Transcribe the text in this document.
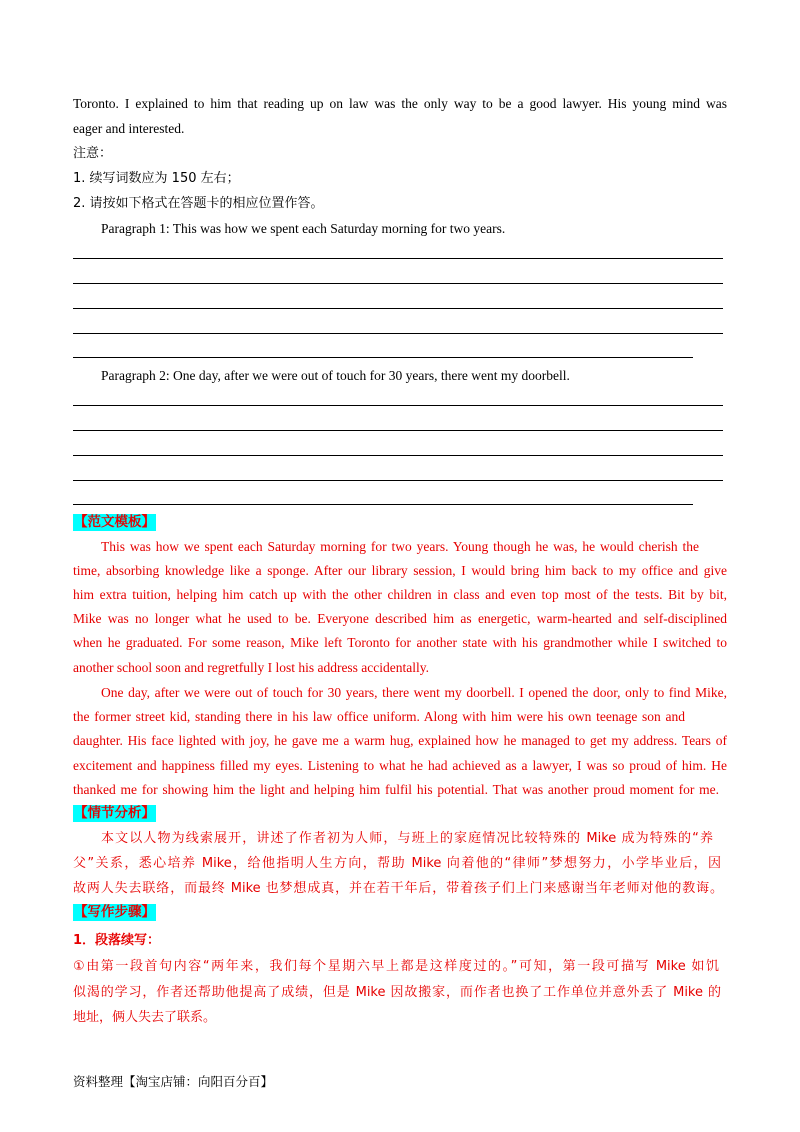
Toronto. I explained to him that reading up on law was the only way to be a good lawyer. His young mind was
eager and interested.
注意：
1. 续写词数应为 150 左右；
2. 请按如下格式在答题卡的相应位置作答。
Paragraph 1: This was how we spent each Saturday morning for two years.
Paragraph 2: One day, after we were out of touch for 30 years, there went my doorbell.
【范文模板】
This was how we spent each Saturday morning for two years. Young though he was, he would cherish the
time, absorbing knowledge like a sponge. After our library session, I would bring him back to my office and give
him extra tuition, helping him catch up with the other children in class and even top most of the tests. Bit by bit,
Mike was no longer what he used to be. Everyone described him as energetic, warm-hearted and self-disciplined
when he graduated. For some reason, Mike left Toronto for another state with his grandmother while I switched to
another school soon and regretfully I lost his address accidentally.
One day, after we were out of touch for 30 years, there went my doorbell. I opened the door, only to find Mike,
the former street kid, standing there in his law office uniform. Along with him were his own teenage son and
daughter. His face lighted with joy, he gave me a warm hug, explained how he managed to get my address. Tears of
excitement and happiness filled my eyes. Listening to what he had achieved as a lawyer, I was so proud of him. He
thanked me for showing him the light and helping him fulfil his potential. That was another proud moment for me.
【情节分析】
本文以人物为线索展开，讲述了作者初为人师，与班上的家庭情况比较特殊的 Mike 成为特殊的“养
父”关系，悉心培养 Mike，给他指明人生方向，帮助 Mike 向着他的“律师”梦想努力，小学毕业后，因
故两人失去联络，而最终 Mike 也梦想成真，并在若干年后，带着孩子们上门来感谢当年老师对他的教诲。
【写作步骤】
1．段落续写：
①由第一段首句内容“两年来，我们每个星期六早上都是这样度过的。”可知，第一段可描写 Mike 如饥
似渴的学习，作者还帮助他提高了成绩，但是 Mike 因故搬家，而作者也换了工作单位并意外丢了 Mike 的
地址，俩人失去了联系。
资料整理【淘宝店铺：向阳百分百】
